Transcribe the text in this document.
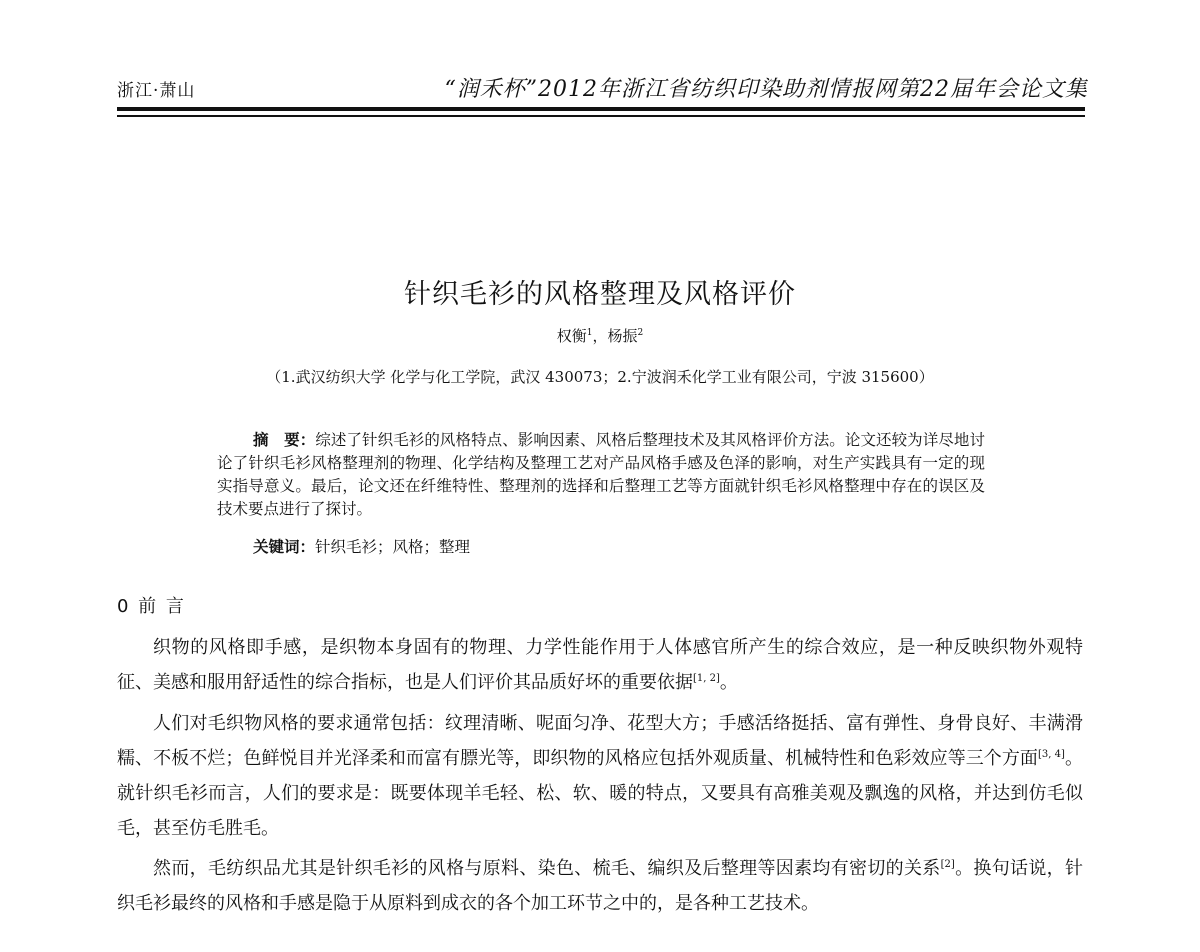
浙江·萧山	“润禾杯”2012年浙江省纺织印染助剂情报网第22届年会论文集
针织毛衫的风格整理及风格评价
权衡$^1$，杨振$^2$
（1.武汉纺织大学 化学与化工学院，武汉 430073；2.宁波润禾化学工业有限公司，宁波 315600）
摘　要：综述了针织毛衫的风格特点、影响因素、风格后整理技术及其风格评价方法。论文还较为详尽地讨论了针织毛衫风格整理剂的物理、化学结构及整理工艺对产品风格手感及色泽的影响，对生产实践具有一定的现实指导意义。最后，论文还在纤维特性、整理剂的选择和后整理工艺等方面就针织毛衫风格整理中存在的误区及技术要点进行了探讨。
关键词：针织毛衫；风格；整理
0 前 言

织物的风格即手感，是织物本身固有的物理、力学性能作用于人体感官所产生的综合效应，是一种反映织物外观特征、美感和服用舒适性的综合指标，也是人们评价其品质好坏的重要依据[1, 2]。

人们对毛织物风格的要求通常包括：纹理清晰、呢面匀净、花型大方；手感活络挺括、富有弹性、身骨良好、丰满滑糯、不板不烂；色鲜悦目并光泽柔和而富有膘光等，即织物的风格应包括外观质量、机械特性和色彩效应等三个方面[3, 4]。就针织毛衫而言，人们的要求是：既要体现羊毛轻、松、软、暖的特点，又要具有高雅美观及飘逸的风格，并达到仿毛似毛，甚至仿毛胜毛。

然而，毛纺织品尤其是针织毛衫的风格与原料、染色、梳毛、编织及后整理等因素均有密切的关系[2]。换句话说，针织毛衫最终的风格和手感是隐于从原料到成衣的各个加工环节之中的，是各种工艺技术。
